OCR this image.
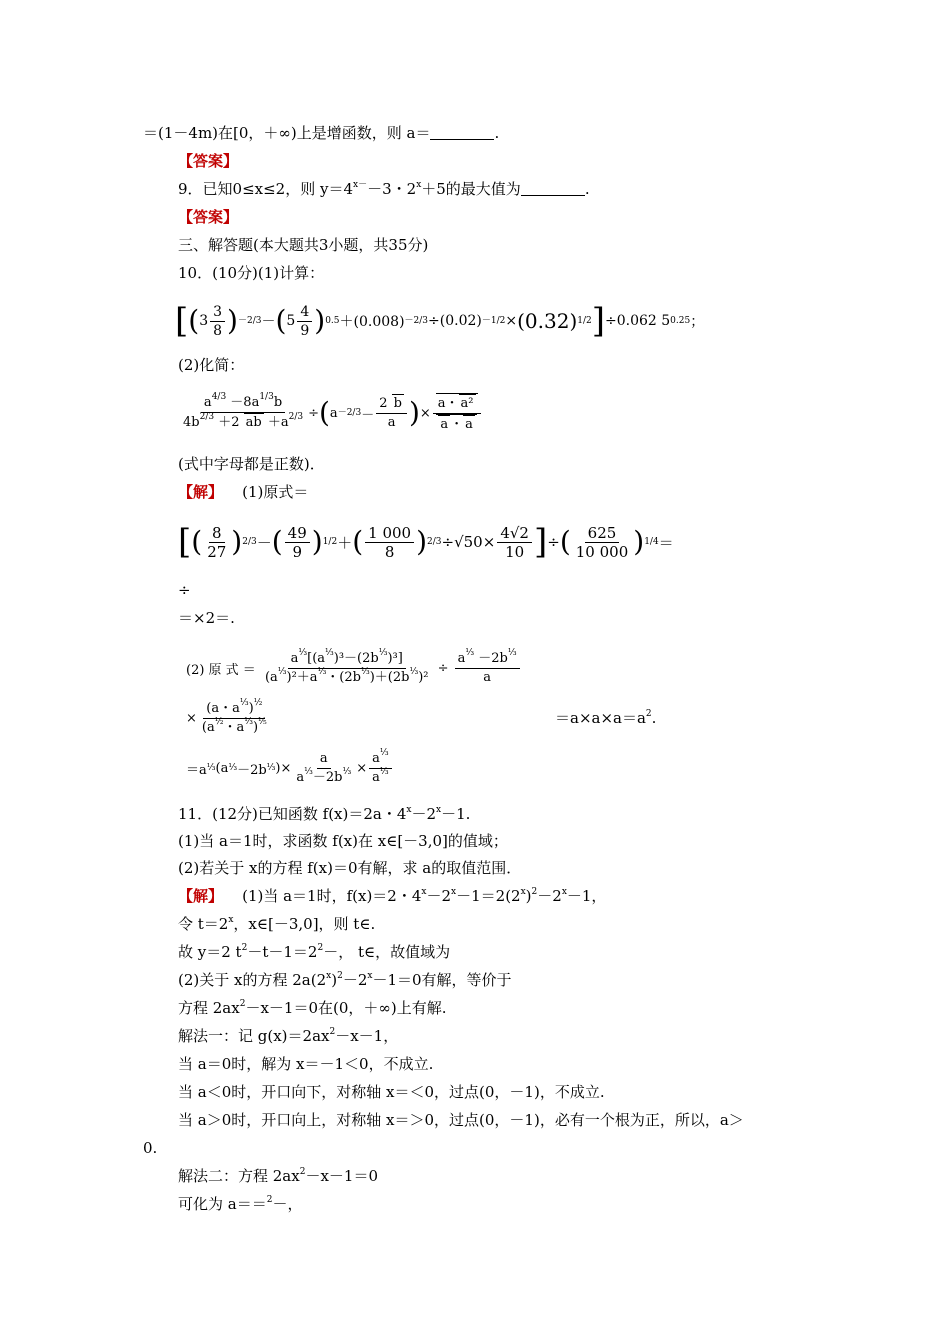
＝(1－4m)在[0，＋∞)上是增函数，则 a＝	.
【答案】
9．已知0≤x≤2，则 $y=4^{x-}-3$・$2^x+5$的最大值为	.
【答案】
三、解答题(本大题共3小题，共35分)
10．(10分)(1)计算：
[ ( $3 \frac{3}{8}$ ) －2/3 － ( $5 \frac{4}{9}$ ) 0.5 ＋(0.008) －2/3 ÷(0.02) －1/2 × (0.32) 1/2 ] ÷0.062 5 0.25 ；
(2)化简：
$\frac{a^{4/3} -8a^{1/3}b}{4b^{2/3} +2 ab +a^{2/3}}$ ÷ ( $a -2/3 - \frac{2 b}{a}$ ) × $\frac{\text{a・ a²}}{a ・ a}$
(式中字母都是正数)．
【解】 (1)原式＝
[ ( $\frac{8}{27}$ ) 2/3 － ( $\frac{49}{9}$ ) 1/2 ＋ ( $\frac{1 000}{8}$ ) $2/3 \div√50\times \frac{4√2}{10}$ ] ÷ ( $\frac{625}{10 000}$ ) 1/4 ＝
÷
＝×2＝.
(2) 原 式 ＝
$\frac{a^{\frac{1}{3}}[(a^{\frac{1}{3}})^3-(2b^{\frac{1}{3}})^3]}{(a^{\frac{1}{3}})^2+a^{\frac{1}{3}}・(2b^{\frac{1}{3}})+(2b^{\frac{1}{3}})^2} \div \frac{a^{\frac{1}{3}} -2b^{\frac{1}{3}}}{a}$
× $\frac{(a・a^{\frac{1}{3}})^{\frac{1}{2}}}{(a^{\frac{1}{2}}・a^{\frac{1}{3}})^{\frac{1}{5}}}$	$=a\times a\times a=a^2$.
＝a ⅓ (a ⅓ －2b ⅓ )× $\frac{a}{a^{\frac{1}{3}}-2b^{\frac{1}{3}}} \times \frac{a^{\frac{1}{3}}}{a^{\frac{1}{3}}}$
11．(12分)已知函数 f(x)＝2a・$4^x-2^x-1$.
(1)当 a＝1时，求函数 f(x)在 x∈[－3,0]的值域；
(2)若关于 x的方程 f(x)＝0有解，求 a的取值范围．
【解】 (1)当 a＝1时，f(x)＝2・$4^x-2^x-1=2(2^x)^2-2^x-1$，
令 $t=2^x$，x∈[－3,0]，则 t∈.
故 y＝2 $t^2-t-1=2^2-$， t∈，故值域为
(2)关于 x的方程 $2a(2^x)^2-2^x-1=0$有解，等价于
方程 $2ax^2-x-1=0$在(0，＋∞)上有解.
解法一：记 $g(x)=2ax^2-x-1$，
当 a＝0时，解为 x＝－1＜0，不成立.
当 a＜0时，开口向下，对称轴 x＝＜0，过点(0，－1)，不成立.
当 a＞0时，开口向上，对称轴 x＝＞0，过点(0，－1)，必有一个根为正，所以，a＞
0.
解法二：方程 $2ax^2-x-1=0$
可化为 a＝＝$^2$－，
